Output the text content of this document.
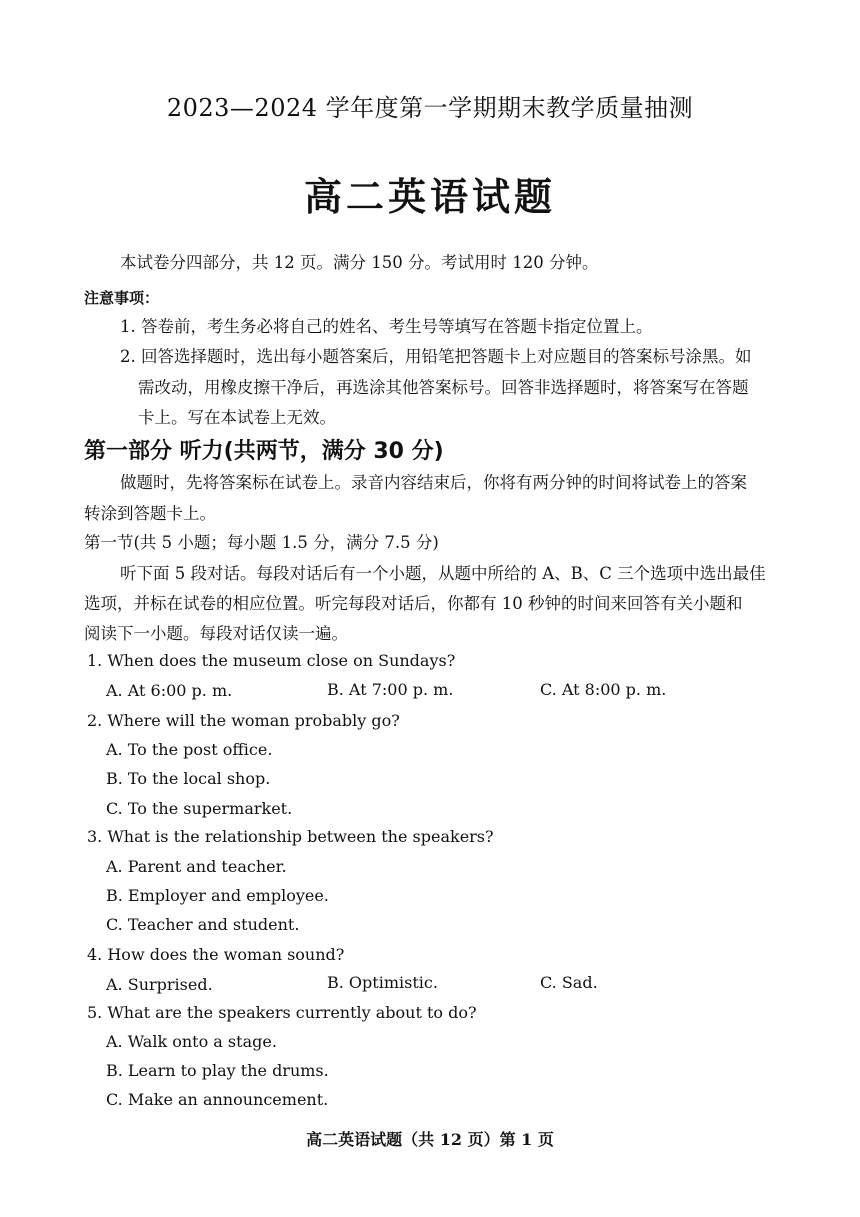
2023—2024 学年度第一学期期末教学质量抽测
高二英语试题
本试卷分四部分，共 12 页。满分 150 分。考试用时 120 分钟。
注意事项：
1. 答卷前，考生务必将自己的姓名、考生号等填写在答题卡指定位置上。
2. 回答选择题时，选出每小题答案后，用铅笔把答题卡上对应题目的答案标号涂黑。如
需改动，用橡皮擦干净后，再选涂其他答案标号。回答非选择题时，将答案写在答题
卡上。写在本试卷上无效。
第一部分 听力(共两节，满分 30 分)
做题时，先将答案标在试卷上。录音内容结束后，你将有两分钟的时间将试卷上的答案
转涂到答题卡上。
第一节(共 5 小题；每小题 1.5 分，满分 7.5 分)
听下面 5 段对话。每段对话后有一个小题，从题中所给的 A、B、C 三个选项中选出最佳
选项，并标在试卷的相应位置。听完每段对话后，你都有 10 秒钟的时间来回答有关小题和
阅读下一小题。每段对话仅读一遍。
1. When does the museum close on Sundays?
A. At 6:00 p. m.	B. At 7:00 p. m.	C. At 8:00 p. m.
2. Where will the woman probably go?
A. To the post office.
B. To the local shop.
C. To the supermarket.
3. What is the relationship between the speakers?
A. Parent and teacher.
B. Employer and employee.
C. Teacher and student.
4. How does the woman sound?
A. Surprised.	B. Optimistic.	C. Sad.
5. What are the speakers currently about to do?
A. Walk onto a stage.
B. Learn to play the drums.
C. Make an announcement.
高二英语试题（共 12 页）第 1 页
